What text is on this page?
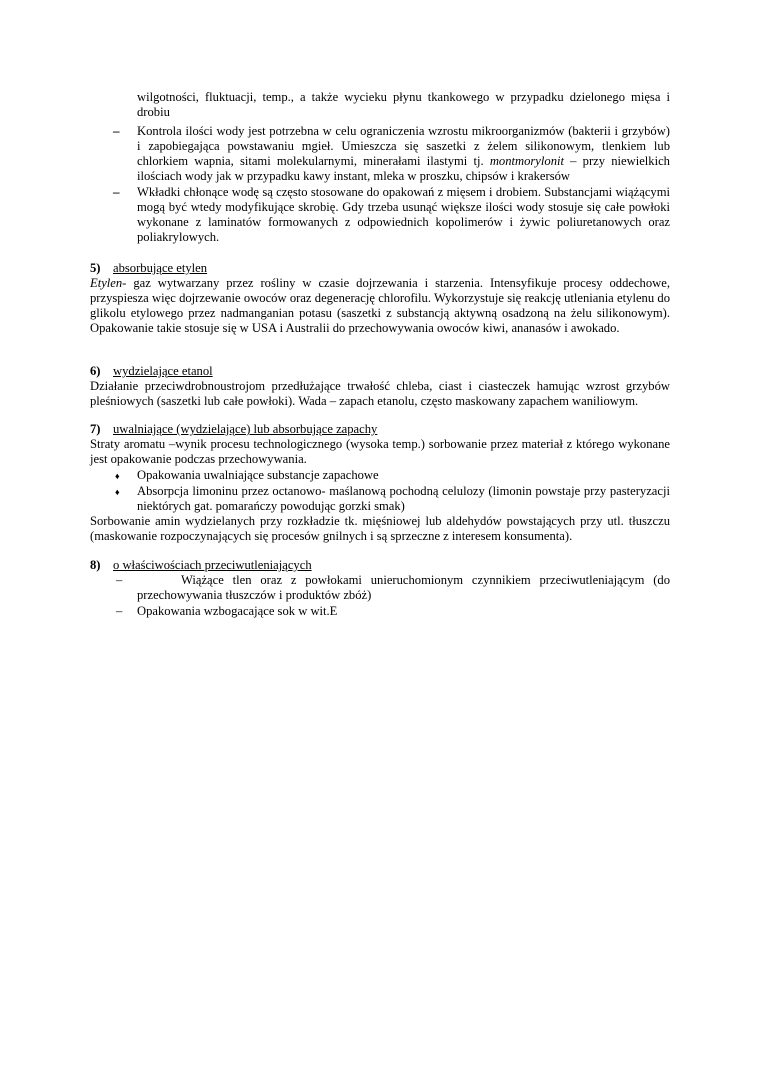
wilgotności, fluktuacji, temp., a także wycieku płynu tkankowego w przypadku dzielonego mięsa i drobiu

– Kontrola ilości wody jest potrzebna w celu ograniczenia wzrostu mikroorganizmów (bakterii i grzybów) i zapobiegająca powstawaniu mgieł. Umieszcza się saszetki z żelem silikonowym, tlenkiem lub chlorkiem wapnia, sitami molekularnymi, minerałami ilastymi tj. montmorylonit – przy niewielkich ilościach wody jak w przypadku kawy instant, mleka w proszku, chipsów i krakersów

– Wkładki chłonące wodę są często stosowane do opakowań z mięsem i drobiem. Substancjami wiążącymi mogą być wtedy modyfikujące skrobię. Gdy trzeba usunąć większe ilości wody stosuje się całe powłoki wykonane z laminatów formowanych z odpowiednich kopolimerów i żywic poliuretanowych oraz poliakrylowych.

5) absorbujące etylen

Etylen- gaz wytwarzany przez rośliny w czasie dojrzewania i starzenia. Intensyfikuje procesy oddechowe, przyspiesza więc dojrzewanie owoców oraz degenerację chlorofilu. Wykorzystuje się reakcję utleniania etylenu do glikolu etylowego przez nadmanganian potasu (saszetki z substancją aktywną osadzoną na żelu silikonowym). Opakowanie takie stosuje się w USA i Australii do przechowywania owoców kiwi, ananasów i awokado.

6) wydzielające etanol

Działanie przeciwdrobnoustrojom przedłużające trwałość chleba, ciast i ciasteczek hamując wzrost grzybów pleśniowych (saszetki lub całe powłoki). Wada – zapach etanolu, często maskowany zapachem waniliowym.

7) uwalniające (wydzielające) lub absorbujące zapachy

Straty aromatu –wynik procesu technologicznego (wysoka temp.) sorbowanie przez materiał z którego wykonane jest opakowanie podczas przechowywania.

♦ Opakowania uwalniające substancje zapachowe

♦ Absorpcja limoninu przez octanowo- maślanową pochodną celulozy (limonin powstaje przy pasteryzacji niektórych gat. pomarańczy powodując gorzki smak)

Sorbowanie amin wydzielanych przy rozkładzie tk. mięśniowej lub aldehydów powstających przy utl. tłuszczu (maskowanie rozpoczynających się procesów gnilnych i są sprzeczne z interesem konsumenta).

8) o właściwościach przeciwutleniających
–	Wiążące tlen oraz z powłokami unieruchomionym czynnikiem przeciwutleniającym (do przechowywania tłuszczów i produktów zbóż)

– Opakowania wzbogacające sok w wit.E
